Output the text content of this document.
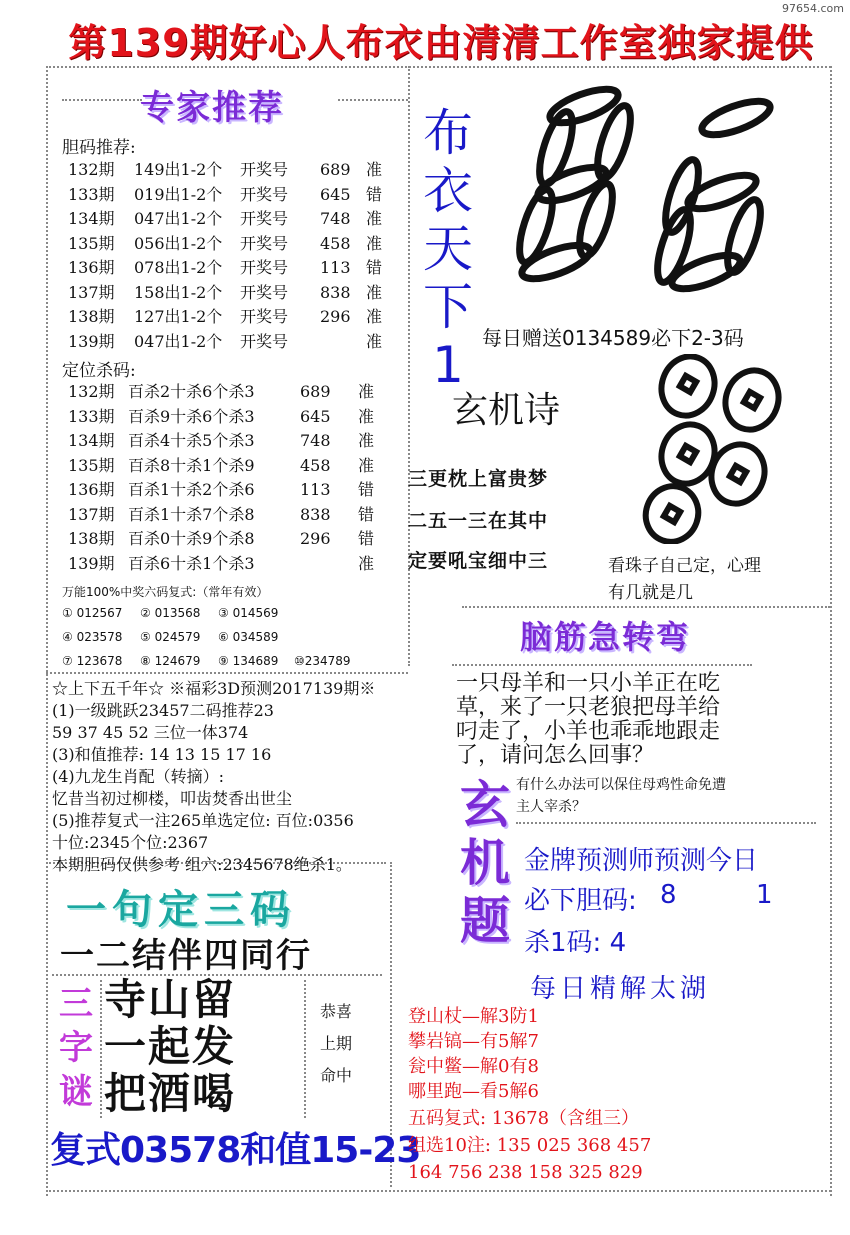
97654.com
第139期好心人布衣由清清工作室独家提供
专家推荐
胆码推荐:
132期 149出1-2个 开奖号 689 准
133期 019出1-2个 开奖号 645 错
134期 047出1-2个 开奖号 748 准
135期 056出1-2个 开奖号 458 准
136期 078出1-2个 开奖号 113 错
137期 158出1-2个 开奖号 838 准
138期 127出1-2个 开奖号 296 准
139期 047出1-2个 开奖号	准
定位杀码:
132期 百杀2十杀6个杀3	689 准
133期 百杀9十杀6个杀3	645 准
134期 百杀4十杀5个杀3	748 准
135期 百杀8十杀1个杀9	458 准
136期 百杀1十杀2个杀6	113 错
137期 百杀1十杀7个杀8	838 错
138期 百杀0十杀9个杀8	296 错
139期 百杀6十杀1个杀3	准
万能100%中奖六码复式:（常年有效）
① 012567 ② 013568 ③ 014569
④ 023578 ⑤ 024579 ⑥ 034589
⑦ 123678 ⑧ 124679 ⑨ 134689 ⑩234789
布
衣
天
下
1 每日赠送0134589必下2-3码
玄机诗
三更枕上富贵梦
二五一三在其中
定要吼宝细中三	看珠子自己定，心理
有几就是几
脑筋急转弯
一只母羊和一只小羊正在吃
草，来了一只老狼把母羊给
叼走了，小羊也乖乖地跟走
了，请问怎么回事？
玄
机
题
有什么办法可以保住母鸡性命免遭
主人宰杀？
金牌预测师预测今日
必下胆码: 8	1
杀1码: 4
☆上下五千年☆ ※福彩3D预测2017139期※
(1)一级跳跃23457二码推荐23
59 37 45 52 三位一体374
(3)和值推荐: 14 13 15 17 16
(4)九龙生肖配（转摘）:
忆昔当初过柳楼，叩齿焚香出世尘
(5)推荐复式一注265单选定位: 百位:0356
十位:2345个位:2367
本期胆码仅供参考 组六:2345678绝杀1。
一句定三码
一二结伴四同行
三
字
谜
寺山留
一起发
把酒喝
恭喜
上期
命中
复式03578和值15-23
每日精解太湖
登山杖—解3防1
攀岩镐—有5解7
瓮中鳖—解0有8
哪里跑—看5解6
五码复式: 13678（含组三）
组选10注: 135 025 368 457
164 756 238 158 325 829
